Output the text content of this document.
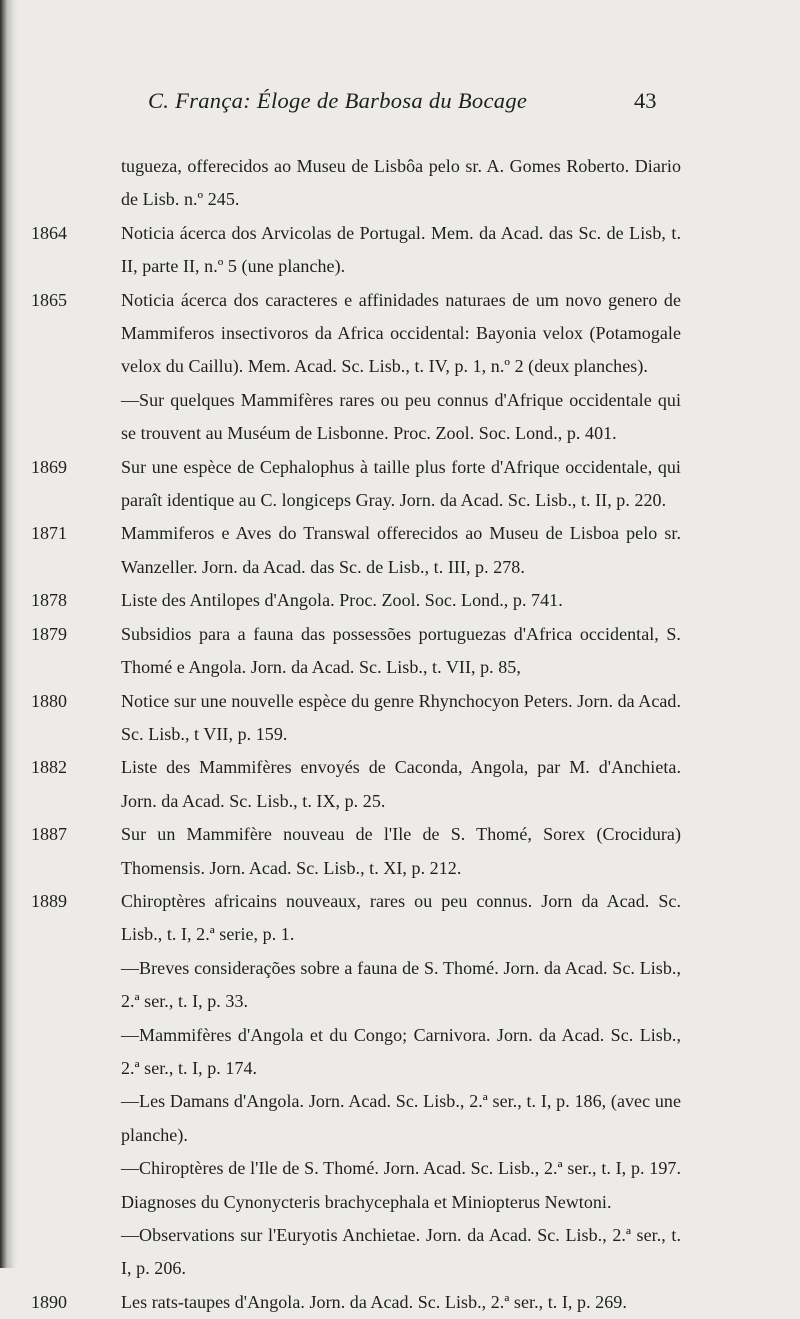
C. França: Éloge de Barbosa du Bocage	43
tugueza, offerecidos ao Museu de Lisbôa pelo sr. A. Gomes Roberto. Diario de Lisb. n.º 245.
1864	Noticia ácerca dos Arvicolas de Portugal. Mem. da Acad. das Sc. de Lisb, t. II, parte II, n.º 5 (une planche).
1865	Noticia ácerca dos caracteres e affinidades naturaes de um novo genero de Mammiferos insectivoros da Africa occidental: Bayonia velox (Potamogale velox du Caillu). Mem. Acad. Sc. Lisb., t. IV, p. 1, n.º 2 (deux planches).
—Sur quelques Mammifères rares ou peu connus d'Afrique occidentale qui se trouvent au Muséum de Lisbonne. Proc. Zool. Soc. Lond., p. 401.
1869	Sur une espèce de Cephalophus à taille plus forte d'Afrique occidentale, qui paraît identique au C. longiceps Gray. Jorn. da Acad. Sc. Lisb., t. II, p. 220.
1871	Mammiferos e Aves do Transwal offerecidos ao Museu de Lisboa pelo sr. Wanzeller. Jorn. da Acad. das Sc. de Lisb., t. III, p. 278.
1878	Liste des Antilopes d'Angola. Proc. Zool. Soc. Lond., p. 741.
1879	Subsidios para a fauna das possessões portuguezas d'Africa occidental, S. Thomé e Angola. Jorn. da Acad. Sc. Lisb., t. VII, p. 85,
1880	Notice sur une nouvelle espèce du genre Rhynchocyon Peters. Jorn. da Acad. Sc. Lisb., t VII, p. 159.
1882	Liste des Mammifères envoyés de Caconda, Angola, par M. d'Anchieta. Jorn. da Acad. Sc. Lisb., t. IX, p. 25.
1887	Sur un Mammifère nouveau de l'Ile de S. Thomé, Sorex (Crocidura) Thomensis. Jorn. Acad. Sc. Lisb., t. XI, p. 212.
1889	Chiroptères africains nouveaux, rares ou peu connus. Jorn da Acad. Sc. Lisb., t. I, 2.ª serie, p. 1.
—Breves considerações sobre a fauna de S. Thomé. Jorn. da Acad. Sc. Lisb., 2.ª ser., t. I, p. 33.
—Mammifères d'Angola et du Congo; Carnivora. Jorn. da Acad. Sc. Lisb., 2.ª ser., t. I, p. 174.
—Les Damans d'Angola. Jorn. Acad. Sc. Lisb., 2.ª ser., t. I, p. 186, (avec une planche).
—Chiroptères de l'Ile de S. Thomé. Jorn. Acad. Sc. Lisb., 2.ª ser., t. I, p. 197. Diagnoses du Cynonycteris brachycephala et Miniopterus Newtoni.
—Observations sur l'Euryotis Anchietae. Jorn. da Acad. Sc. Lisb., 2.ª ser., t. I, p. 206.
1890	Les rats-taupes d'Angola. Jorn. da Acad. Sc. Lisb., 2.ª ser., t. I, p. 269.
